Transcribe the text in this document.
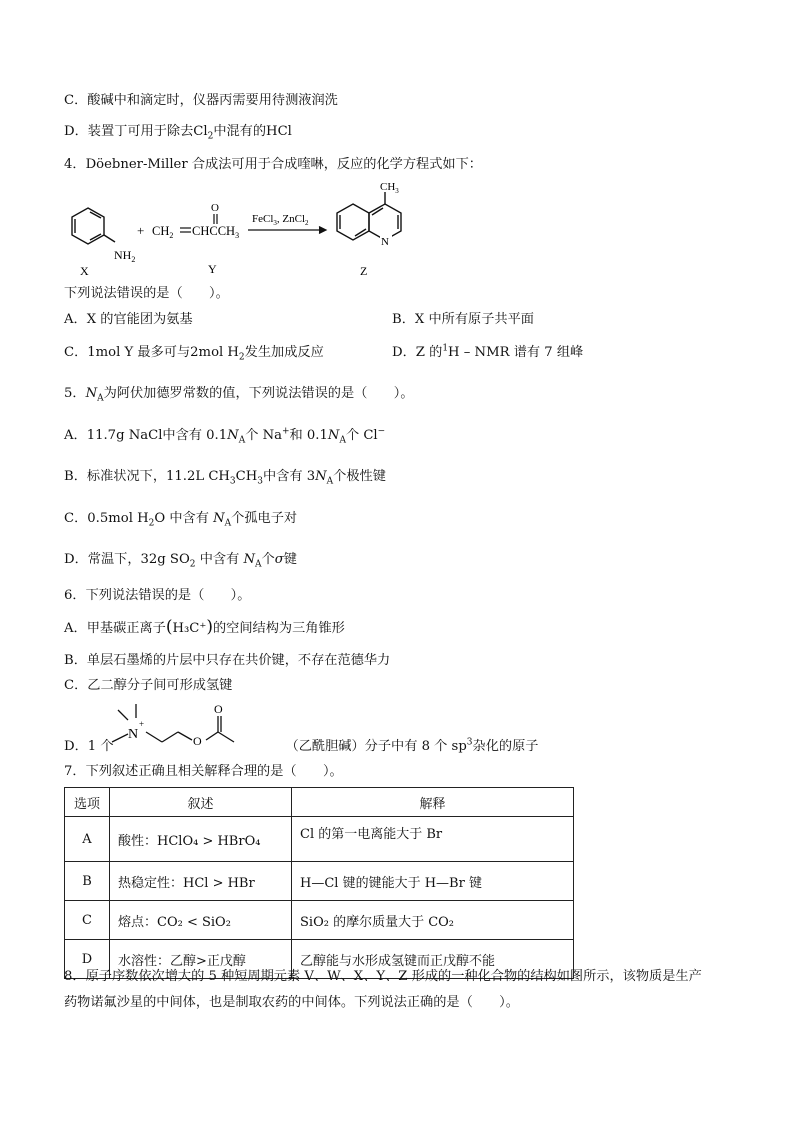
C．酸碱中和滴定时，仪器丙需要用待测液润洗
D．装置丁可用于除去$Cl_2$中混有的HCl
4．Döebner-Miller 合成法可用于合成喹啉，反应的化学方程式如下：
$NH_2$
+ $CH_2$ $CHCCH_3$
O
FeCl$_3$, ZnCl$_2$
N
$CH_3$
X	Y	Z
下列说法错误的是（　　）。
A．X 的官能团为氨基	B．X 中所有原子共平面
C．1mol Y 最多可与2mol $H_2$发生加成反应	D．Z 的$^1$H – NMR 谱有 7 组峰
5．$N_A$为阿伏加德罗常数的值，下列说法错误的是（　　）。
A．11.7g NaCl中含有 $0.1N_A$个 Na+和 $0.1N_A$个 Cl−
B．标准状况下，11.2L $CH_3CH_3$中含有 $3N_A$个极性键
C．0.5mol $H_2O$ 中含有 $N_A$个孤电子对
D．常温下，32g $SO_2$ 中含有 $N_A$个σ键
6．下列说法错误的是（　　）。
A．甲基碳正离子(H₃C⁺)的空间结构为三角锥形
B．单层石墨烯的片层中只存在共价键，不存在范德华力
C．乙二醇分子间可形成氢键
N
+
O
O
D．1 个	（乙酰胆碱）分子中有 8 个 $sp^3$杂化的原子
7．下列叙述正确且相关解释合理的是（　　）。
选项	叙述	解释
A	酸性：HClO₄ > HBrO₄	Cl 的第一电离能大于 Br
B	热稳定性：HCl > HBr	H—Cl 键的键能大于 H—Br 键
C	熔点：CO₂ < SiO₂	SiO₂ 的摩尔质量大于 CO₂
D	水溶性：乙醇>正戊醇	乙醇能与水形成氢键而正戊醇不能
8．原子序数依次增大的 5 种短周期元素 V、W、X、Y、Z 形成的一种化合物的结构如图所示，该物质是生产
药物诺氟沙星的中间体，也是制取农药的中间体。下列说法正确的是（　　）。
